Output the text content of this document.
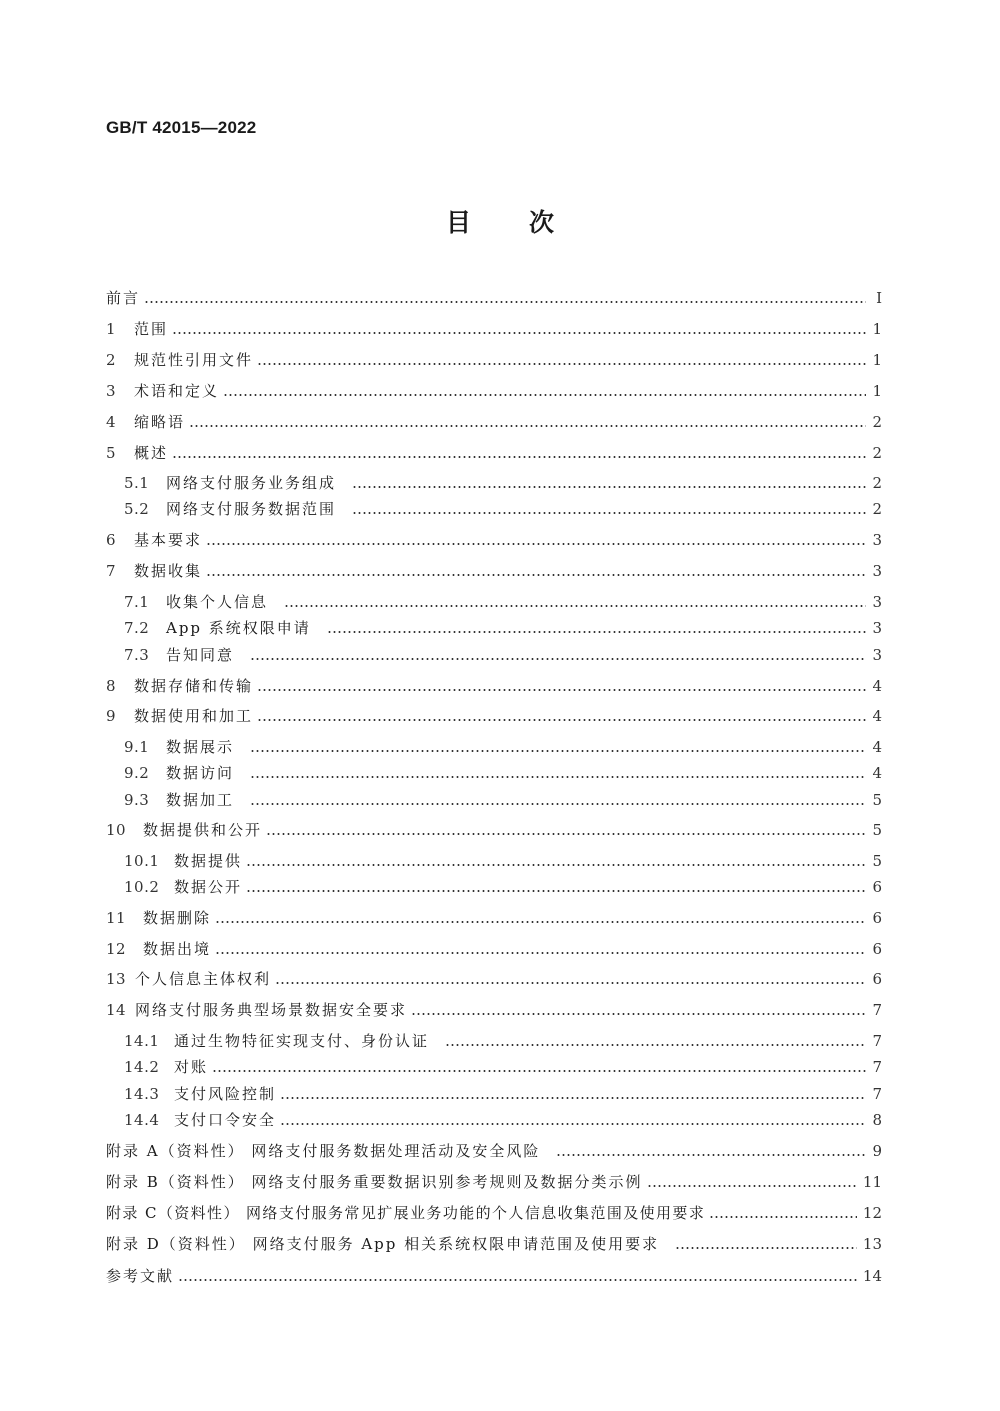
GB/T 42015—2022
目次
前言	I
1	范围	1
2	规范性引用文件	1
3	术语和定义	1
4	缩略语	2
5	概述	2
5.1	网络支付服务业务组成	2
5.2	网络支付服务数据范围	2
6	基本要求	3
7	数据收集	3
7.1	收集个人信息	3
7.2	App 系统权限申请	3
7.3	告知同意	3
8	数据存储和传输	4
9	数据使用和加工	4
9.1	数据展示	4
9.2	数据访问	4
9.3	数据加工	5
10	数据提供和公开	5
10.1 数据提供	5
10.2 数据公开	6
11	数据删除	6
12	数据出境	6
13 个人信息主体权利	6
14 网络支付服务典型场景数据安全要求	7
14.1 通过生物特征实现支付、身份认证	7
14.2 对账	7
14.3 支付风险控制	7
14.4 支付口令安全	8
附录 A（资料性） 网络支付服务数据处理活动及安全风险	9
附录 B（资料性） 网络支付服务重要数据识别参考规则及数据分类示例	11
附录 C（资料性） 网络支付服务常见扩展业务功能的个人信息收集范围及使用要求	12
附录 D（资料性） 网络支付服务 App 相关系统权限申请范围及使用要求	13
参考文献	14
